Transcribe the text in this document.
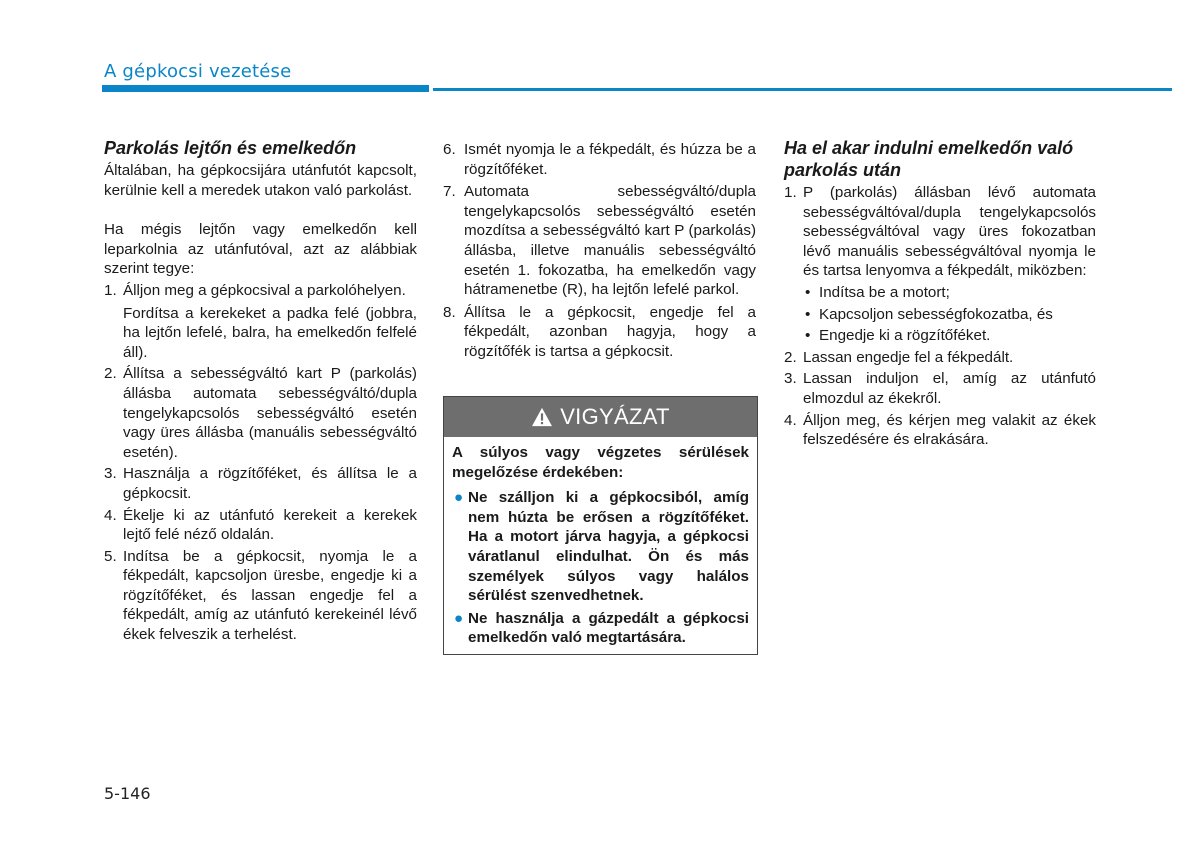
A gépkocsi vezetése
Parkolás lejtőn és emelkedőn

Általában, ha gépkocsijára utánfutót kapcsolt, kerülnie kell a meredek utakon való parkolást.

Ha mégis lejtőn vagy emelkedőn kell leparkolnia az utánfutóval, azt az alábbiak szerint tegye:

1. Álljon meg a gépkocsival a parkolóhelyen.
Fordítsa a kerekeket a padka felé (jobbra, ha lejtőn lefelé, balra, ha emelkedőn felfelé áll).
2. Állítsa a sebességváltó kart P (parkolás) állásba automata sebességváltó/dupla tengelykapcsolós sebességváltó esetén vagy üres állásba (manuális sebességváltó esetén).
3. Használja a rögzítőféket, és állítsa le a gépkocsit.
4. Ékelje ki az utánfutó kerekeit a kerekek lejtő felé néző oldalán.
5. Indítsa be a gépkocsit, nyomja le a fékpedált, kapcsoljon üresbe, engedje ki a rögzítőféket, és lassan engedje fel a fékpedált, amíg az utánfutó kerekeinél lévő ékek felveszik a terhelést.
6. Ismét nyomja le a fékpedált, és húzza be a rögzítőféket.
7. Automata sebességváltó/dupla tengelykapcsolós sebességváltó esetén mozdítsa a sebességváltó kart P (parkolás) állásba, illetve manuális sebességváltó esetén 1. fokozatba, ha emelkedőn vagy hátramenetbe (R), ha lejtőn lefelé parkol.
8. Állítsa le a gépkocsit, engedje fel a fékpedált, azonban hagyja, hogy a rögzítőfék is tartsa a gépkocsit.
VIGYÁZAT

A súlyos vagy végzetes sérülések megelőzése érdekében:

● Ne szálljon ki a gépkocsiból, amíg nem húzta be erősen a rögzítőféket. Ha a motort járva hagyja, a gépkocsi váratlanul elindulhat. Ön és más személyek súlyos vagy halálos sérülést szenvedhetnek.
● Ne használja a gázpedált a gépkocsi emelkedőn való megtartására.
Ha el akar indulni emelkedőn való parkolás után
1. P (parkolás) állásban lévő automata sebességváltóval/dupla tengelykapcsolós sebességváltóval vagy üres fokozatban lévő manuális sebességváltóval nyomja le és tartsa lenyomva a fékpedált, miközben:
• Indítsa be a motort;
• Kapcsoljon sebességfokozatba, és
• Engedje ki a rögzítőféket.
2. Lassan engedje fel a fékpedált.
3. Lassan induljon el, amíg az utánfutó elmozdul az ékekről.
4. Álljon meg, és kérjen meg valakit az ékek felszedésére és elrakására.
5-146
